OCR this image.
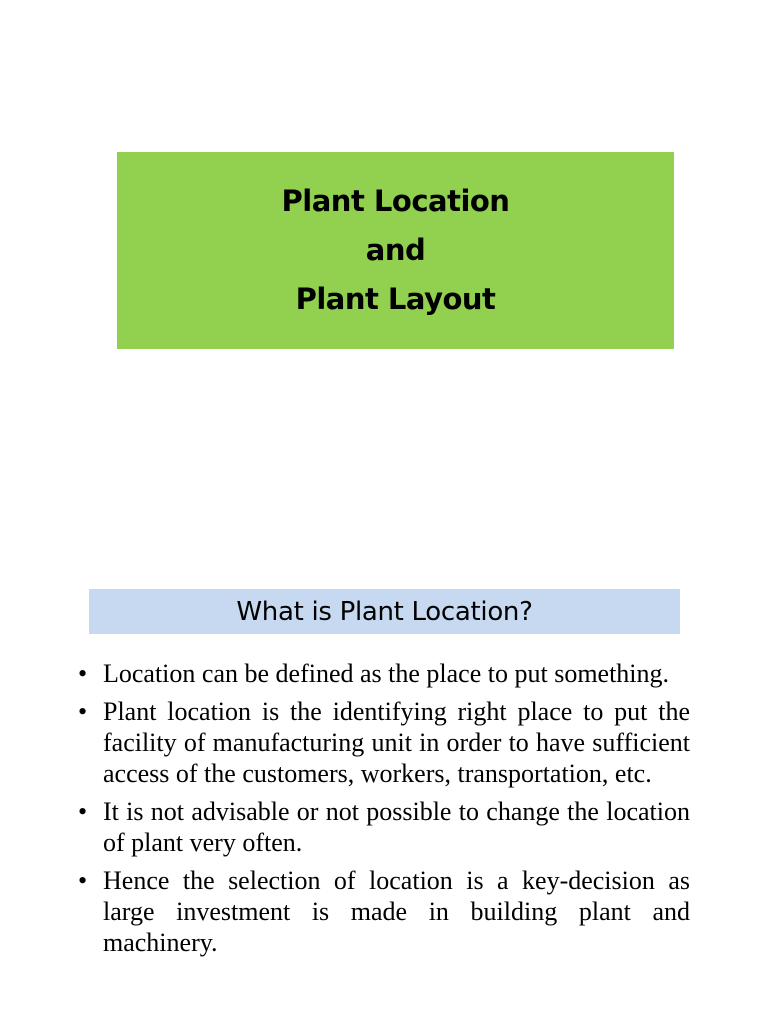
Plant Location
and
Plant Layout
What is Plant Location?
• Location can be defined as the place to put something.
• Plant location is the identifying right place to put the facility of manufacturing unit in order to have sufficient access of the customers, workers, transportation, etc.
• It is not advisable or not possible to change the location of plant very often.
• Hence the selection of location is a key-decision as large investment is made in building plant and machinery.
